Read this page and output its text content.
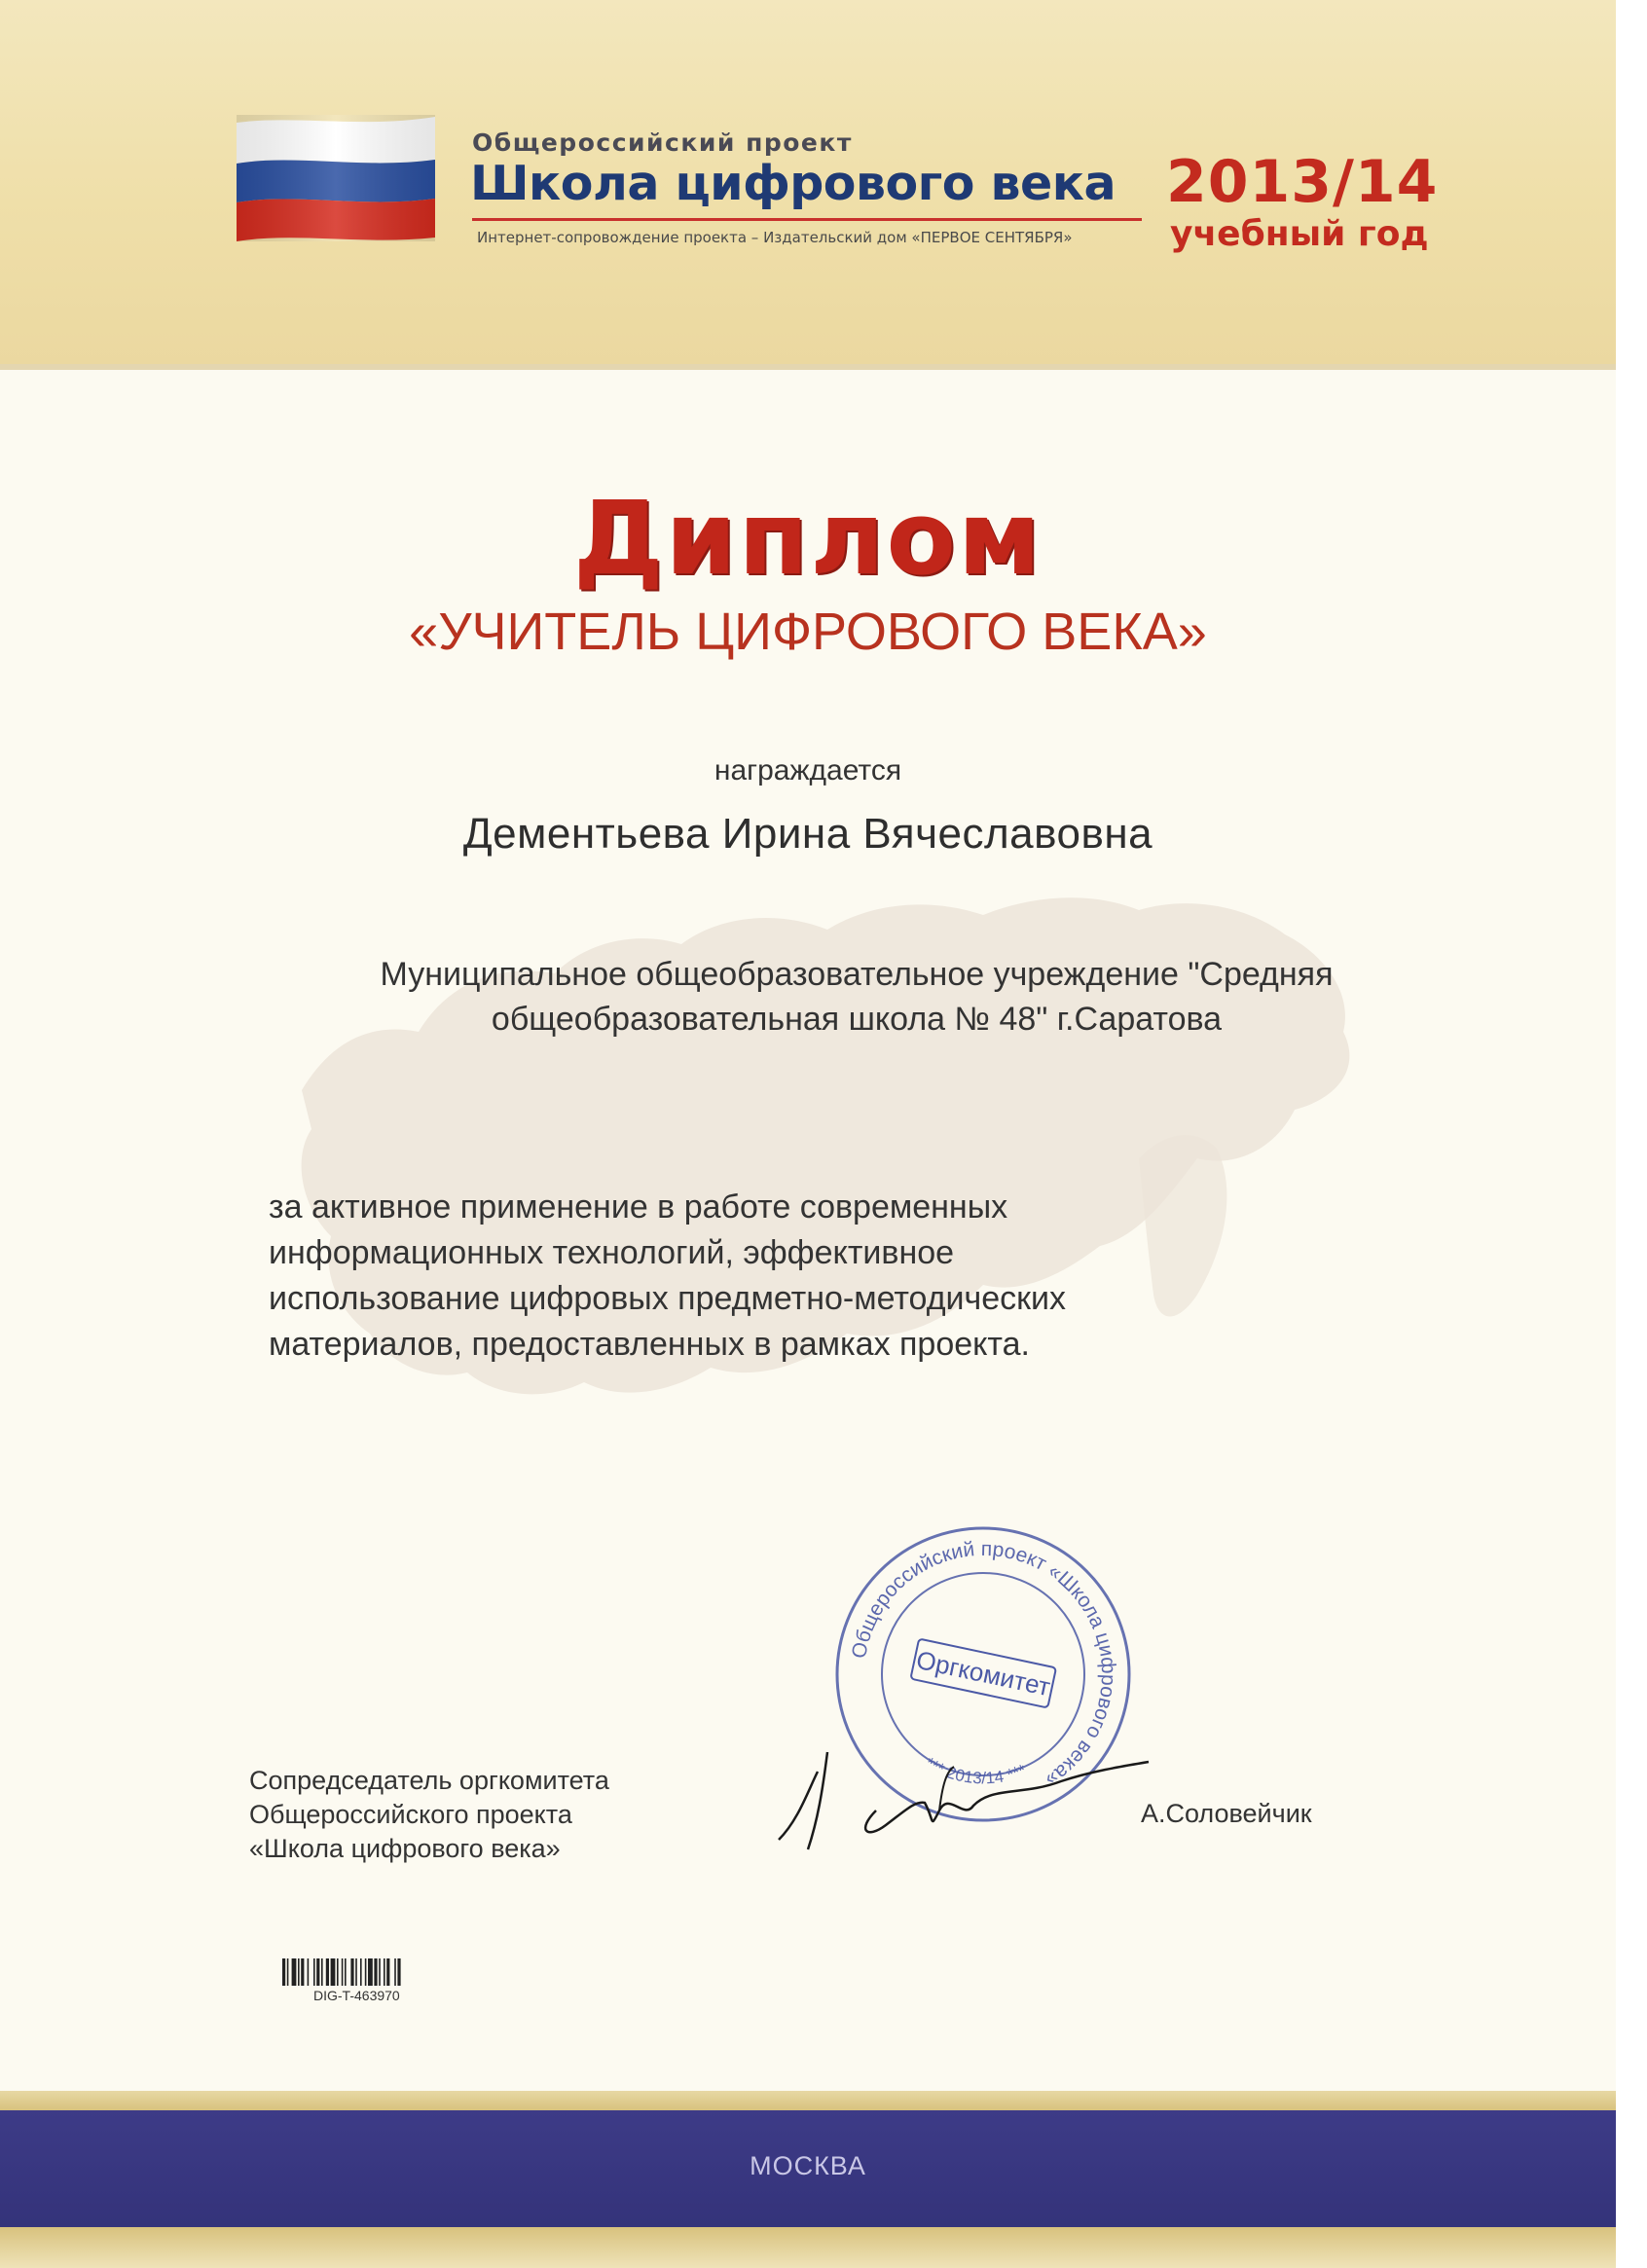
Общероссийский проект
Школа цифрового века
Интернет-сопровождение проекта – Издательский дом «ПЕРВОЕ СЕНТЯБРЯ»
2013/14
учебный год
Диплом
«УЧИТЕЛЬ ЦИФРОВОГО ВЕКА»
награждается
Дементьева Ирина Вячеславовна
Муниципальное общеобразовательное учреждение "Средняя
общеобразовательная школа № 48" г.Саратова
за активное применение в работе современных
информационных технологий, эффективное
использование цифровых предметно-методических
материалов, предоставленных в рамках проекта.
Общероссийский проект «Школа цифрового века»
*** 2013/14 ***
Оргкомитет
Сопредседатель оргкомитета
Общероссийского проекта
«Школа цифрового века»
А.Соловейчик
DIG-T-463970
МОСКВА
